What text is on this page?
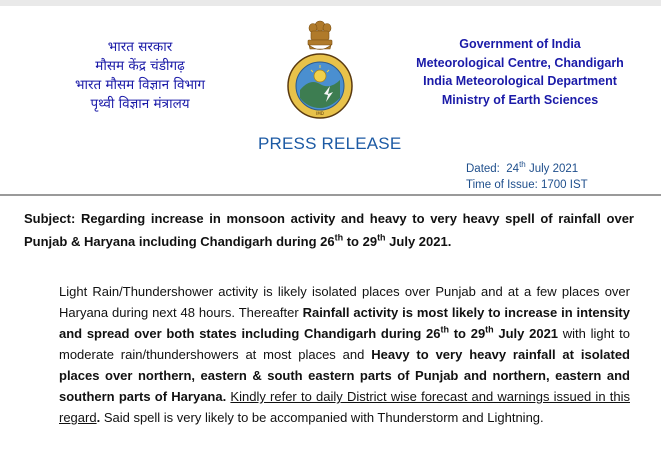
भारत सरकार
मौसम केंद्र चंडीगढ़
भारत मौसम विज्ञान विभाग
पृथ्वी विज्ञान मंत्रालय
IMD
Government of India
Meteorological Centre, Chandigarh
India Meteorological Department
Ministry of Earth Sciences
PRESS RELEASE
Dated: 24th July 2021
Time of Issue: 1700 IST
Subject: Regarding increase in monsoon activity and heavy to very heavy spell of rainfall over Punjab & Haryana including Chandigarh during 26th to 29th July 2021.
Light Rain/Thundershower activity is likely isolated places over Punjab and at a few places over Haryana during next 48 hours. Thereafter Rainfall activity is most likely to increase in intensity and spread over both states including Chandigarh during 26th to 29th July 2021 with light to moderate rain/thundershowers at most places and Heavy to very heavy rainfall at isolated places over northern, eastern & south eastern parts of Punjab and northern, eastern and southern parts of Haryana. Kindly refer to daily District wise forecast and warnings issued in this regard. Said spell is very likely to be accompanied with Thunderstorm and Lightning.
